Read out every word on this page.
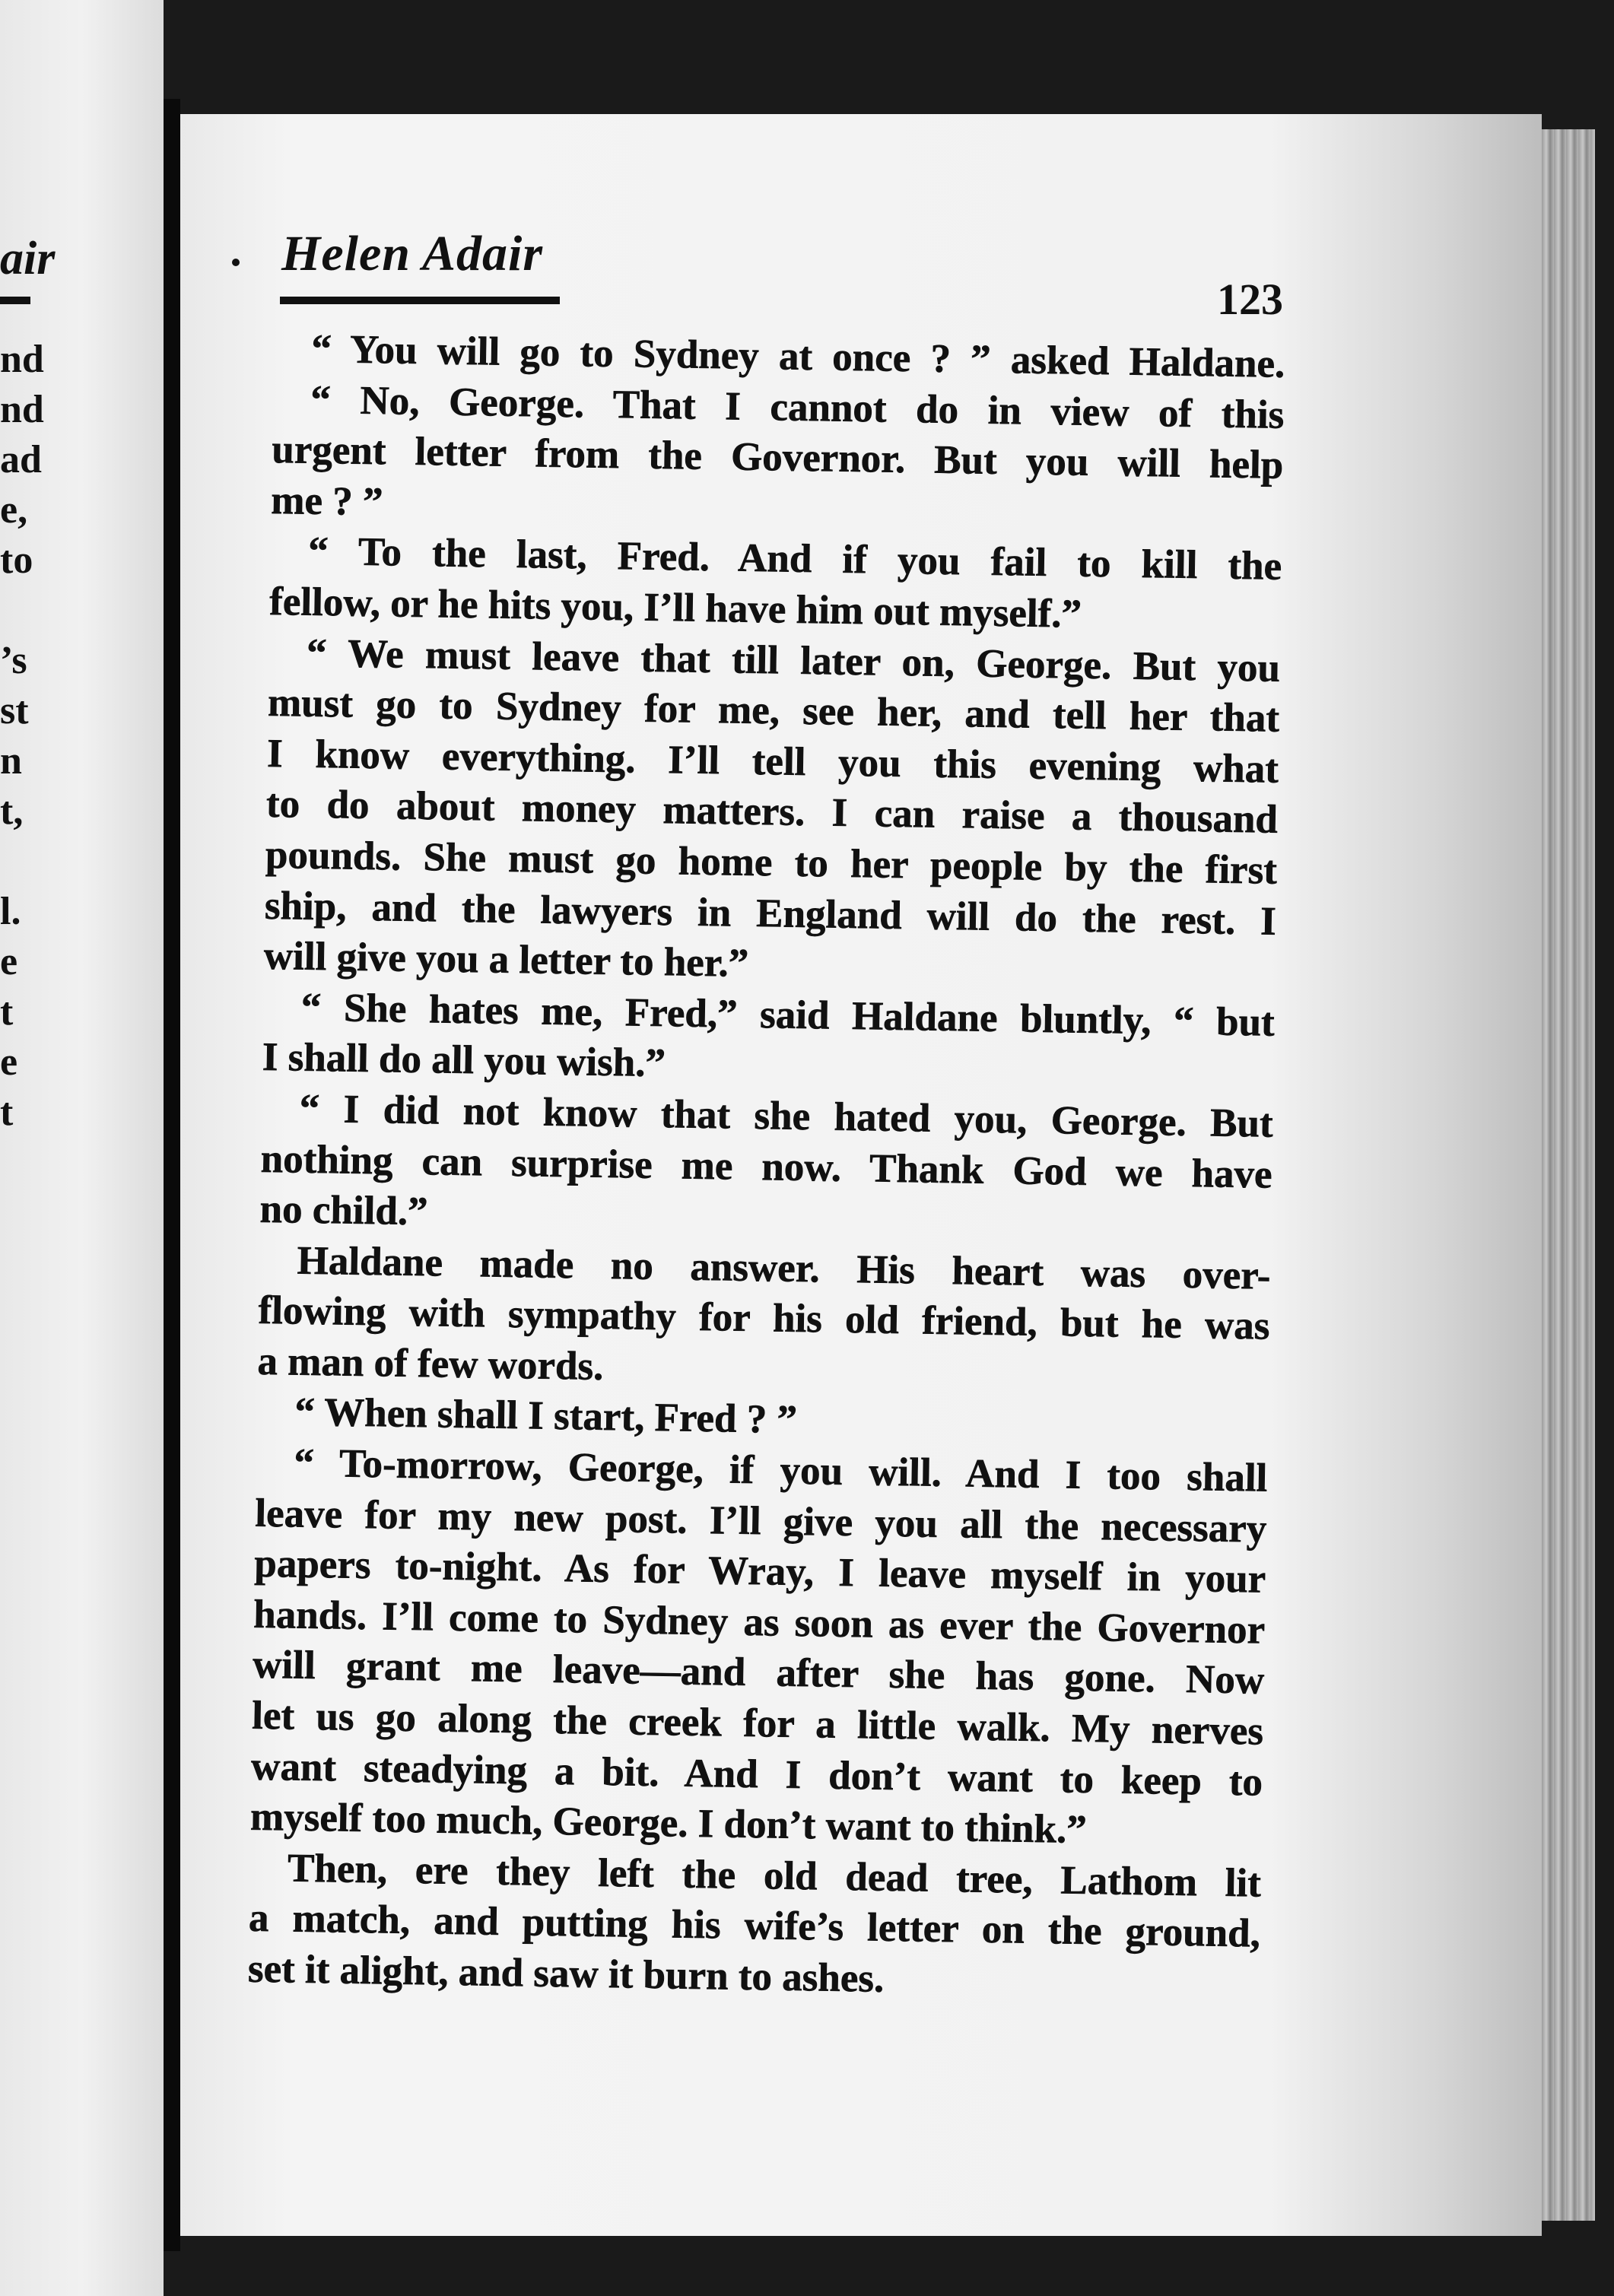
air
nd
nd
ad
e,
to
’s
st
n
t,
l.
e
t
e
t
Helen Adair
123
“ You will go to Sydney at once ? ” asked Haldane.
“ No, George. That I cannot do in view of this
urgent letter from the Governor. But you will help
me ? ”
“ To the last, Fred. And if you fail to kill the
fellow, or he hits you, I’ll have him out myself.”
“ We must leave that till later on, George. But you
must go to Sydney for me, see her, and tell her that
I know everything. I’ll tell you this evening what
to do about money matters. I can raise a thousand
pounds. She must go home to her people by the first
ship, and the lawyers in England will do the rest. I
will give you a letter to her.”
“ She hates me, Fred,” said Haldane bluntly, “ but
I shall do all you wish.”
“ I did not know that she hated you, George. But
nothing can surprise me now. Thank God we have
no child.”
Haldane made no answer. His heart was over-
flowing with sympathy for his old friend, but he was
a man of few words.
“ When shall I start, Fred ? ”
“ To-morrow, George, if you will. And I too shall
leave for my new post. I’ll give you all the necessary
papers to-night. As for Wray, I leave myself in your
hands. I’ll come to Sydney as soon as ever the Governor
will grant me leave—and after she has gone. Now
let us go along the creek for a little walk. My nerves
want steadying a bit. And I don’t want to keep to
myself too much, George. I don’t want to think.”
Then, ere they left the old dead tree, Lathom lit
a match, and putting his wife’s letter on the ground,
set it alight, and saw it burn to ashes.
